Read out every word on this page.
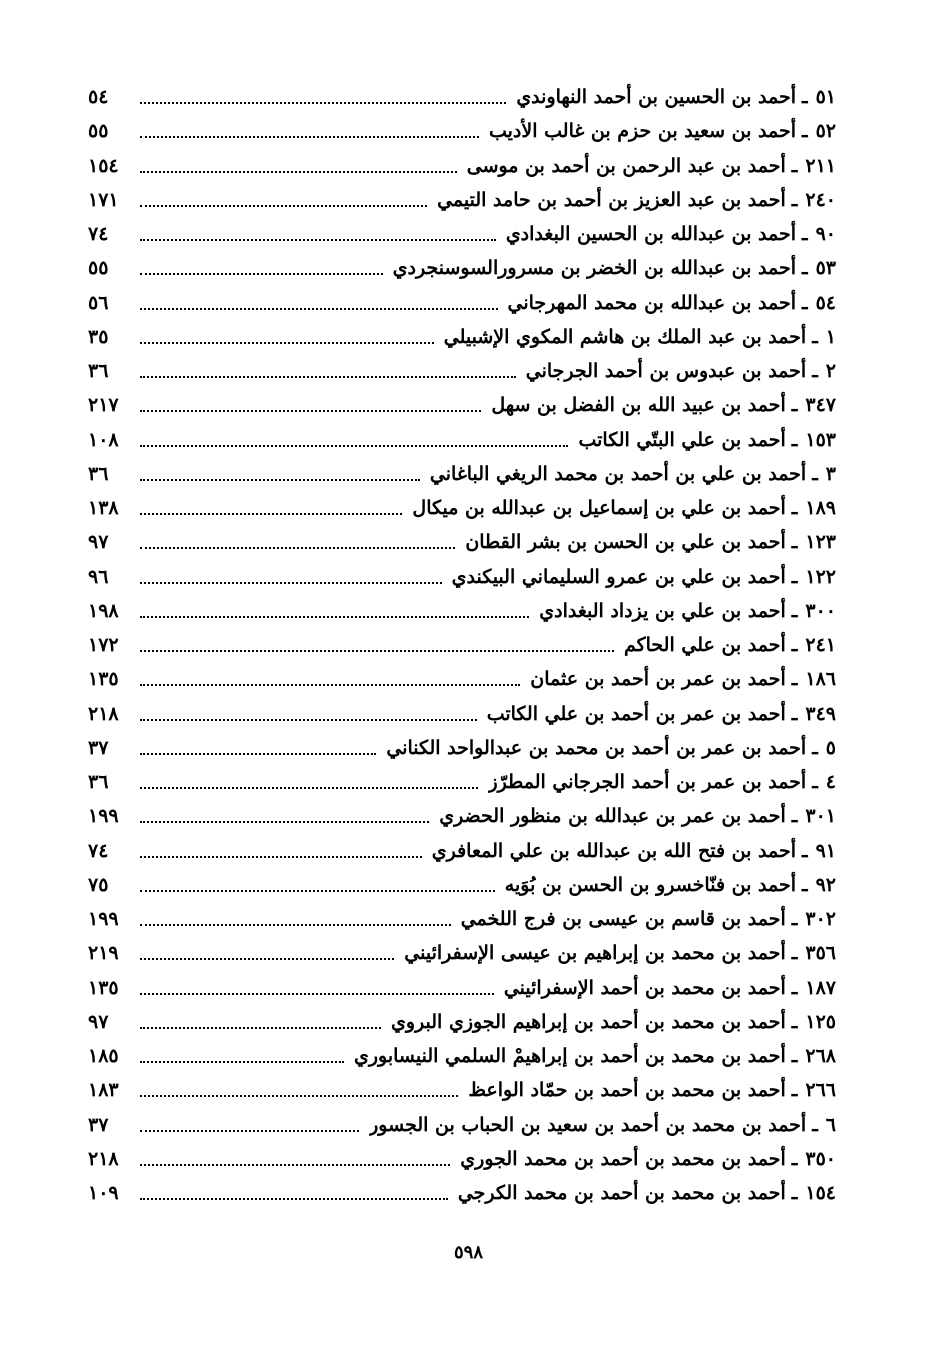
٥١
ـ
أحمد بن الحسين بن أحمد النهاوندي
٥٤
٥٢
ـ
أحمد بن سعيد بن حزم بن غالب الأديب
٥٥
٢١١
ـ
أحمد بن عبد الرحمن بن أحمد بن موسى
١٥٤
٢٤٠
ـ
أحمد بن عبد العزيز بن أحمد بن حامد التيمي
١٧١
٩٠
ـ
أحمد بن عبدالله بن الحسين البغدادي
٧٤
٥٣
ـ
أحمد بن عبدالله بن الخضر بن مسرورالسوسنجردي
٥٥
٥٤
ـ
أحمد بن عبدالله بن محمد المهرجاني
٥٦
١
ـ
أحمد بن عبد الملك بن هاشم المكوي الإشبيلي
٣٥
٢
ـ
أحمد بن عبدوس بن أحمد الجرجاني
٣٦
٣٤٧
ـ
أحمد بن عبيد الله بن الفضل بن سهل
٢١٧
١٥٣
ـ
أحمد بن علي البتّي الكاتب
١٠٨
٣
ـ
أحمد بن علي بن أحمد بن محمد الريغي الباغاني
٣٦
١٨٩
ـ
أحمد بن علي بن إسماعيل بن عبدالله بن ميكال
١٣٨
١٢٣
ـ
أحمد بن علي بن الحسن بن بشر القطان
٩٧
١٢٢
ـ
أحمد بن علي بن عمرو السليماني البيكندي
٩٦
٣٠٠
ـ
أحمد بن علي بن يزداد البغدادي
١٩٨
٢٤١
ـ
أحمد بن علي الحاكم
١٧٢
١٨٦
ـ
أحمد بن عمر بن أحمد بن عثمان
١٣٥
٣٤٩
ـ
أحمد بن عمر بن أحمد بن علي الكاتب
٢١٨
٥
ـ
أحمد بن عمر بن أحمد بن محمد بن عبدالواحد الكناني
٣٧
٤
ـ
أحمد بن عمر بن أحمد الجرجاني المطرّز
٣٦
٣٠١
ـ
أحمد بن عمر بن عبدالله بن منظور الحضري
١٩٩
٩١
ـ
أحمد بن فتح الله بن عبدالله بن علي المعافري
٧٤
٩٢
ـ
أحمد بن فنّاخسرو بن الحسن بن بُوَيه
٧٥
٣٠٢
ـ
أحمد بن قاسم بن عيسى بن فرج اللخمي
١٩٩
٣٥٦
ـ
أحمد بن محمد بن إبراهيم بن عيسى الإسفرائيني
٢١٩
١٨٧
ـ
أحمد بن محمد بن أحمد الإسفرائيني
١٣٥
١٢٥
ـ
أحمد بن محمد بن أحمد بن إبراهيم الجوزي البروي
٩٧
٢٦٨
ـ
أحمد بن محمد بن أحمد بن إبراهيمْ السلمي النيسابوري
١٨٥
٢٦٦
ـ
أحمد بن محمد بن أحمد بن حمّاد الواعظ
١٨٣
٦
ـ
أحمد بن محمد بن أحمد بن سعيد بن الحباب بن الجسور
٣٧
٣٥٠
ـ
أحمد بن محمد بن أحمد بن محمد الجوري
٢١٨
١٥٤
ـ
أحمد بن محمد بن أحمد بن محمد الكرجي
١٠٩
٥٩٨
